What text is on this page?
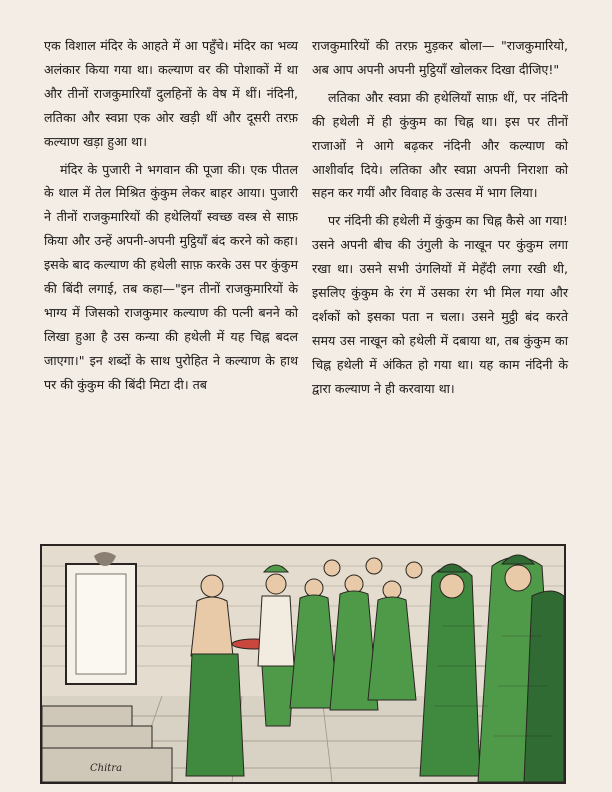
एक विशाल मंदिर के आहते में आ पहुँचे। मंदिर का भव्य अलंकार किया गया था। कल्याण वर की पोशाकों में था और तीनों राजकुमारियाँ दुलहिनों के वेष में थीं। नंदिनी, लतिका और स्वप्ना एक ओर खड़ी थीं और दूसरी तरफ़ कल्याण खड़ा हुआ था।

मंदिर के पुजारी ने भगवान की पूजा की। एक पीतल के थाल में तेल मिश्रित कुंकुम लेकर बाहर आया। पुजारी ने तीनों राजकुमारियों की हथेलियाँ स्वच्छ वस्त्र से साफ़ किया और उन्हें अपनी-अपनी मुट्ठियाँ बंद करने को कहा। इसके बाद कल्याण की हथेली साफ़ करके उस पर कुंकुम की बिंदी लगाई, तब कहा—"इन तीनों राजकुमारियों के भाग्य में जिसको राजकुमार कल्याण की पत्नी बनने को लिखा हुआ है उस कन्या की हथेली में यह चिह्न बदल जाएगा।" इन शब्दों के साथ पुरोहित ने कल्याण के हाथ पर की कुंकुम की बिंदी मिटा दी। तब

राजकुमारियों की तरफ़ मुड़कर बोला— "राजकुमारियो, अब आप अपनी अपनी मुट्ठियाँ खोलकर दिखा दीजिए!"

लतिका और स्वप्ना की हथेलियाँ साफ़ थीं, पर नंदिनी की हथेली में ही कुंकुम का चिह्न था। इस पर तीनों राजाओं ने आगे बढ़कर नंदिनी और कल्याण को आशीर्वाद दिये। लतिका और स्वप्ना अपनी निराशा को सहन कर गयीं और विवाह के उत्सव में भाग लिया।

पर नंदिनी की हथेली में कुंकुम का चिह्न कैसे आ गया! उसने अपनी बीच की उंगुली के नाखून पर कुंकुम लगा रखा था। उसने सभी उंगलियों में मेहँदी लगा रखी थी, इसलिए कुंकुम के रंग में उसका रंग भी मिल गया और दर्शकों को इसका पता न चला। उसने मुट्ठी बंद करते समय उस नाखून को हथेली में दबाया था, तब कुंकुम का चिह्न हथेली में अंकित हो गया था। यह काम नंदिनी के द्वारा कल्याण ने ही करवाया था।

Chitra
